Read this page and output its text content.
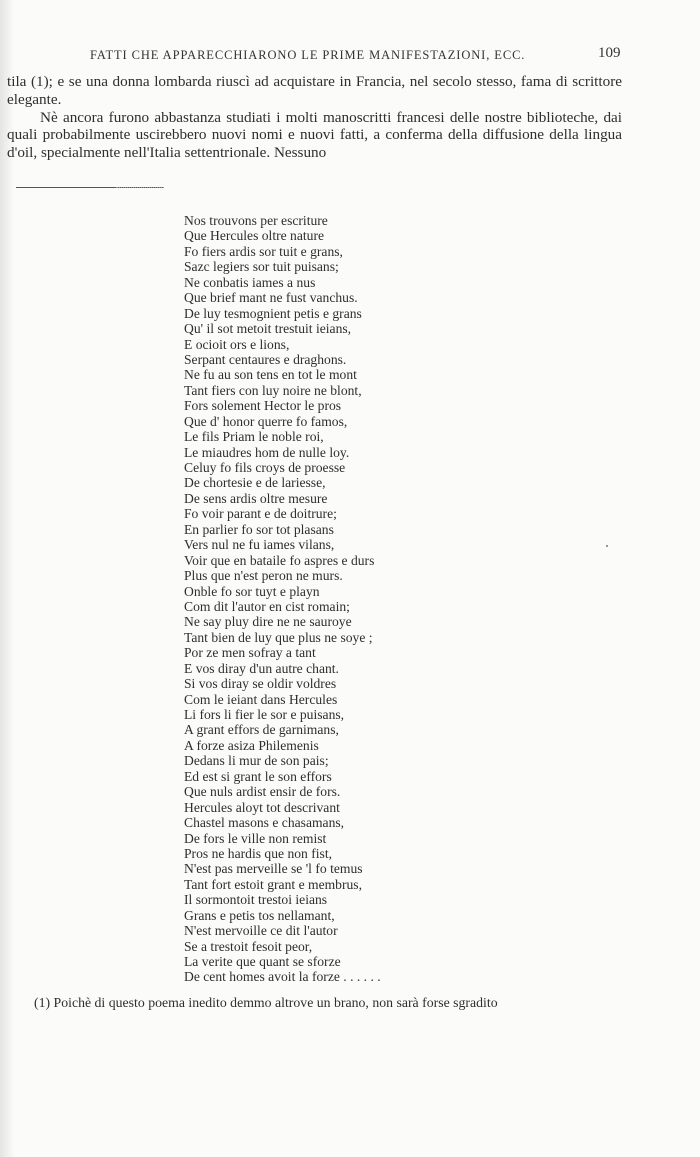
FATTI CHE APPARECCHIARONO LE PRIME MANIFESTAZIONI, ECC.	109

tila (1); e se una donna lombarda riuscì ad acquistare in Francia, nel secolo stesso, fama di scrittore elegante.

Nè ancora furono abbastanza studiati i molti manoscritti francesi delle nostre biblioteche, dai quali probabilmente uscirebbero nuovi nomi e nuovi fatti, a conferma della diffusione della lingua d'oil, specialmente nell'Italia settentrionale. Nessuno

Nos trouvons per escriture
Que Hercules oltre nature
Fo fiers ardis sor tuit e grans,
Sazc legiers sor tuit puisans;
Ne conbatis iames a nus
Que brief mant ne fust vanchus.
De luy tesmognient petis e grans
Qu' il sot metoit trestuit ieians,
E ocioit ors e lions,
Serpant centaures e draghons.
Ne fu au son tens en tot le mont
Tant fiers con luy noire ne blont,
Fors solement Hector le pros
Que d' honor querre fo famos,
Le fils Priam le noble roi,
Le miaudres hom de nulle loy.
Celuy fo fils croys de proesse
De chortesie e de lariesse,
De sens ardis oltre mesure
Fo voir parant e de doitrure;
En parlier fo sor tot plasans
Vers nul ne fu iames vilans,
Voir que en bataile fo aspres e durs
Plus que n'est peron ne murs.
Onble fo sor tuyt e playn
Com dit l'autor en cist romain;
Ne say pluy dire ne ne sauroye
Tant bien de luy que plus ne soye ;
Por ze men sofray a tant
E vos diray d'un autre chant.
Si vos diray se oldir voldres
Com le ieiant dans Hercules
Li fors li fier le sor e puisans,
A grant effors de garnimans,
A forze asiza Philemenis
Dedans li mur de son pais;
Ed est si grant le son effors
Que nuls ardist ensir de fors.
Hercules aloyt tot descrivant
Chastel masons e chasamans,
De fors le ville non remist
Pros ne hardis que non fist,
N'est pas merveille se 'l fo temus
Tant fort estoit grant e membrus,
Il sormontoit trestoi ieians
Grans e petis tos nellamant,
N'est mervoille ce dit l'autor
Se a trestoit fesoit peor,
La verite que quant se sforze
De cent homes avoit la forze . . . . . .
(1) Poichè di questo poema inedito demmo altrove un brano, non sarà forse sgradito
